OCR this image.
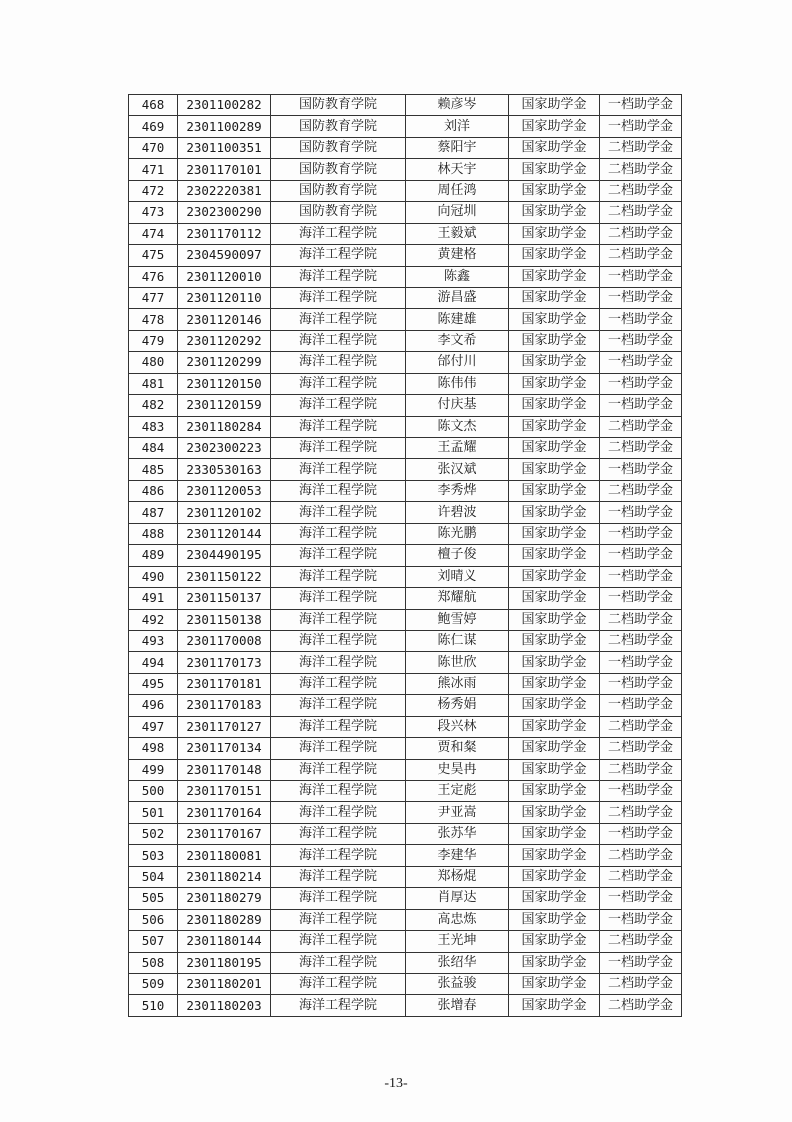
468	2301100282	国防教育学院	赖彦岑	国家助学金	一档助学金
469	2301100289	国防教育学院	刘洋	国家助学金	一档助学金
470	2301100351	国防教育学院	蔡阳宇	国家助学金	二档助学金
471	2301170101	国防教育学院	林天宇	国家助学金	二档助学金
472	2302220381	国防教育学院	周任鸿	国家助学金	二档助学金
473	2302300290	国防教育学院	向冠圳	国家助学金	二档助学金
474	2301170112	海洋工程学院	王毅斌	国家助学金	二档助学金
475	2304590097	海洋工程学院	黄建格	国家助学金	二档助学金
476	2301120010	海洋工程学院	陈鑫	国家助学金	一档助学金
477	2301120110	海洋工程学院	游昌盛	国家助学金	一档助学金
478	2301120146	海洋工程学院	陈建雄	国家助学金	一档助学金
479	2301120292	海洋工程学院	李文希	国家助学金	一档助学金
480	2301120299	海洋工程学院	邰付川	国家助学金	一档助学金
481	2301120150	海洋工程学院	陈伟伟	国家助学金	一档助学金
482	2301120159	海洋工程学院	付庆基	国家助学金	一档助学金
483	2301180284	海洋工程学院	陈文杰	国家助学金	二档助学金
484	2302300223	海洋工程学院	王孟耀	国家助学金	二档助学金
485	2330530163	海洋工程学院	张汉斌	国家助学金	一档助学金
486	2301120053	海洋工程学院	李秀烨	国家助学金	二档助学金
487	2301120102	海洋工程学院	许碧波	国家助学金	一档助学金
488	2301120144	海洋工程学院	陈光鹏	国家助学金	一档助学金
489	2304490195	海洋工程学院	檀子俊	国家助学金	一档助学金
490	2301150122	海洋工程学院	刘晴义	国家助学金	一档助学金
491	2301150137	海洋工程学院	郑耀航	国家助学金	一档助学金
492	2301150138	海洋工程学院	鲍雪婷	国家助学金	二档助学金
493	2301170008	海洋工程学院	陈仁谋	国家助学金	二档助学金
494	2301170173	海洋工程学院	陈世欣	国家助学金	一档助学金
495	2301170181	海洋工程学院	熊冰雨	国家助学金	一档助学金
496	2301170183	海洋工程学院	杨秀娟	国家助学金	一档助学金
497	2301170127	海洋工程学院	段兴林	国家助学金	二档助学金
498	2301170134	海洋工程学院	贾和粲	国家助学金	二档助学金
499	2301170148	海洋工程学院	史昊冉	国家助学金	二档助学金
500	2301170151	海洋工程学院	王定彪	国家助学金	一档助学金
501	2301170164	海洋工程学院	尹亚嵩	国家助学金	二档助学金
502	2301170167	海洋工程学院	张苏华	国家助学金	一档助学金
503	2301180081	海洋工程学院	李建华	国家助学金	二档助学金
504	2301180214	海洋工程学院	郑杨焜	国家助学金	二档助学金
505	2301180279	海洋工程学院	肖厚达	国家助学金	一档助学金
506	2301180289	海洋工程学院	高忠炼	国家助学金	一档助学金
507	2301180144	海洋工程学院	王光坤	国家助学金	二档助学金
508	2301180195	海洋工程学院	张绍华	国家助学金	一档助学金
509	2301180201	海洋工程学院	张益骏	国家助学金	二档助学金
510	2301180203	海洋工程学院	张增春	国家助学金	二档助学金
-13-
